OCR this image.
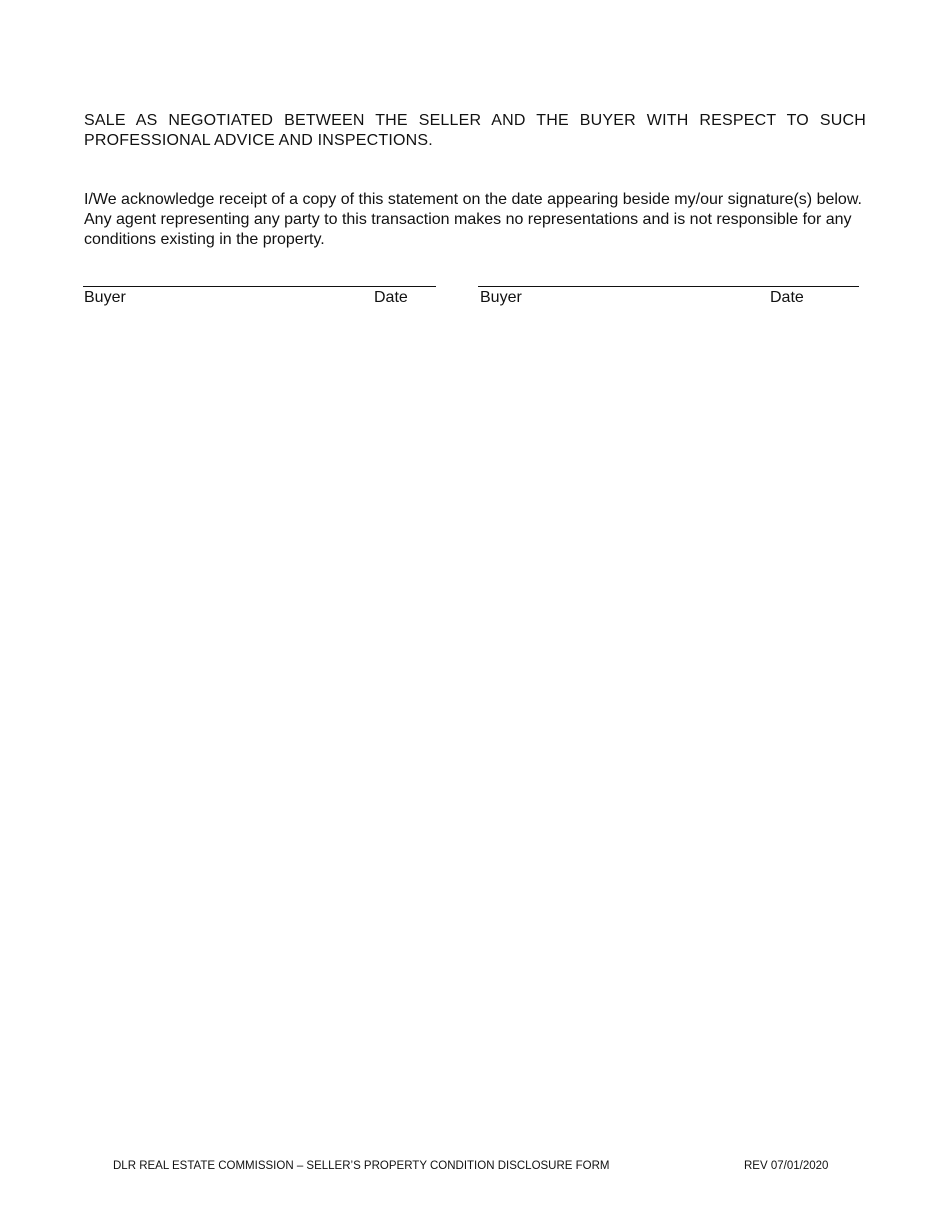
SALE AS NEGOTIATED BETWEEN THE SELLER AND THE BUYER WITH RESPECT TO SUCH PROFESSIONAL ADVICE AND INSPECTIONS.
I/We acknowledge receipt of a copy of this statement on the date appearing beside my/our signature(s) below. Any agent representing any party to this transaction makes no representations and is not responsible for any conditions existing in the property.
Buyer	Date	Buyer	Date
DLR REAL ESTATE COMMISSION – SELLER’S PROPERTY CONDITION DISCLOSURE FORM	REV 07/01/2020
